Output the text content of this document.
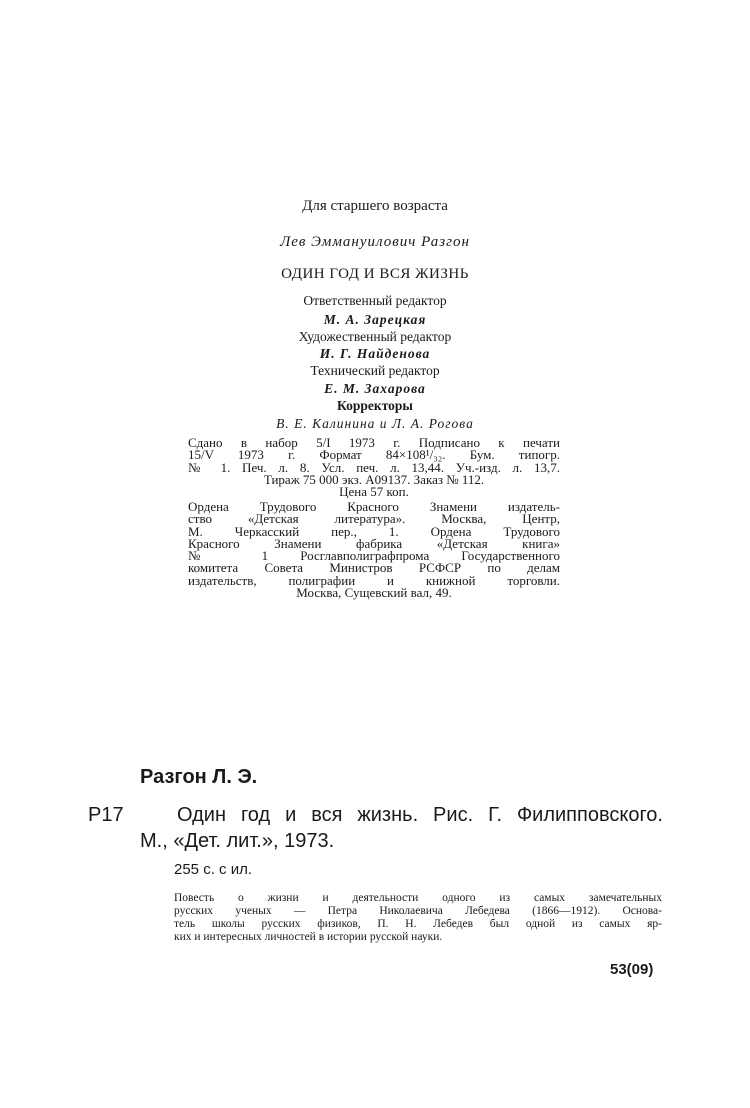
Для старшего возраста
Лев Эммануилович Разгон
ОДИН ГОД И ВСЯ ЖИЗНЬ
Ответственный редактор
М. А. Зарецкая
Художественный редактор
И. Г. Найденова
Технический редактор
Е. М. Захарова
Корректоры
В. Е. Калинина и Л. А. Рогова
Сдано в набор 5/I 1973 г. Подписано к печати
15/V 1973 г. Формат 84×108¹/₃₂. Бум. типогр.
№ 1. Печ. л. 8. Усл. печ. л. 13,44. Уч.-изд. л. 13,7.
Тираж 75 000 экз. А09137. Заказ № 112.
Цена 57 коп.
Ордена Трудового Красного Знамени издатель-
ство «Детская литература». Москва, Центр,
М. Черкасский пер., 1. Ордена Трудового
Красного Знамени фабрика «Детская книга»
№ 1 Росглавполиграфпрома Государственного
комитета Совета Министров РСФСР по делам
издательств, полиграфии и книжной торговли.
Москва, Сущевский вал, 49.
Разгон Л. Э.
Р17	Один год и вся жизнь. Рис. Г. Филипповского.
М., «Дет. лит.», 1973.
255 с. с ил.
Повесть о жизни и деятельности одного из самых замечательных
русских ученых — Петра Николаевича Лебедева (1866—1912). Основа-
тель школы русских физиков, П. Н. Лебедев был одной из самых яр-
ких и интересных личностей в истории русской науки.
53(09)
